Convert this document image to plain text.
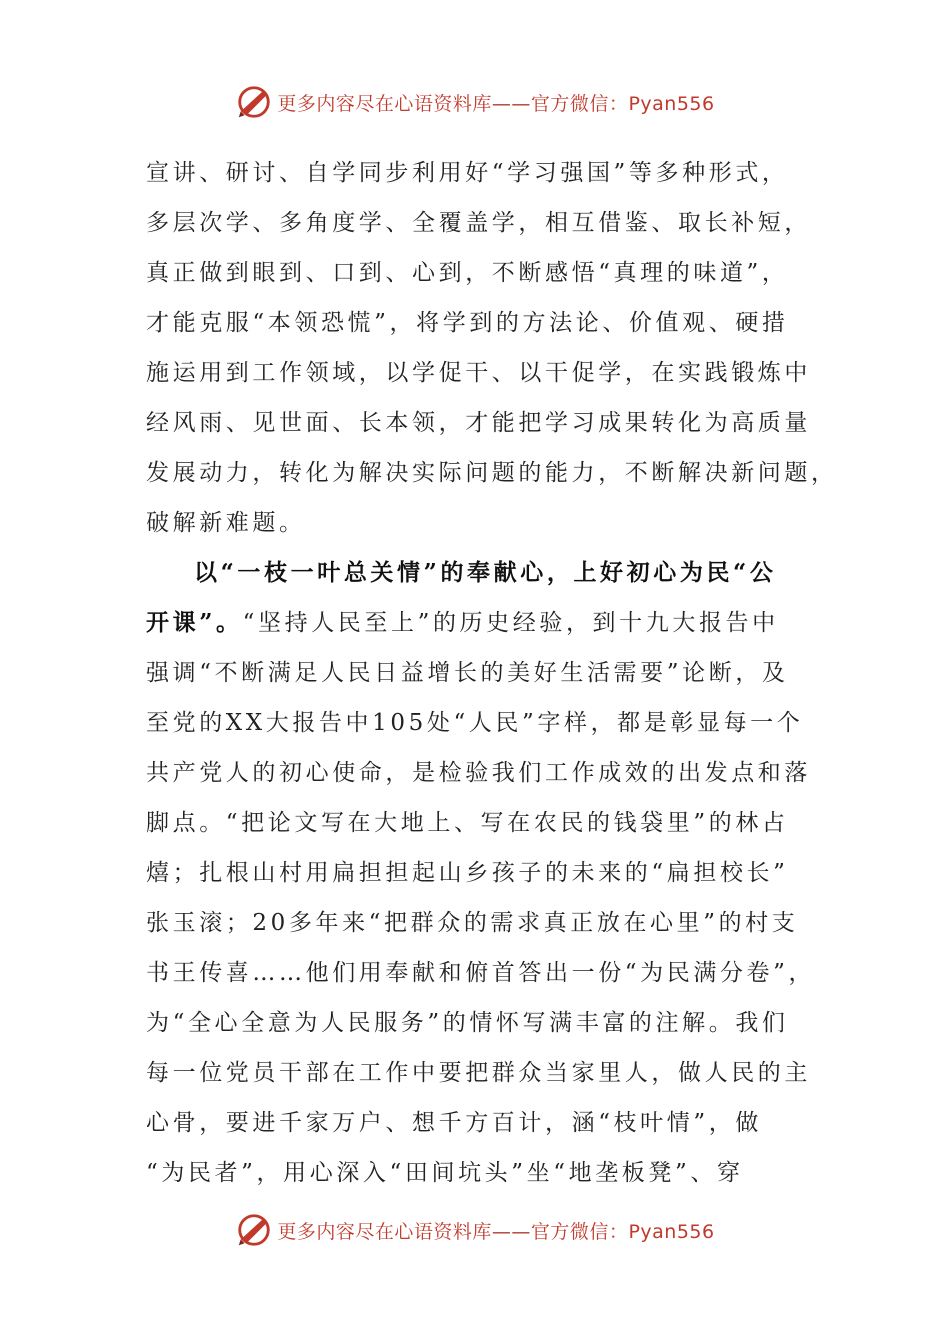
更多内容尽在心语资料库——官方微信：Pyan556
宣讲、研讨、自学同步利用好“学习强国”等多种形式，
多层次学、多角度学、全覆盖学，相互借鉴、取长补短，
真正做到眼到、口到、心到，不断感悟“真理的味道”，
才能克服“本领恐慌”，将学到的方法论、价值观、硬措
施运用到工作领域，以学促干、以干促学，在实践锻炼中
经风雨、见世面、长本领，才能把学习成果转化为高质量
发展动力，转化为解决实际问题的能力，不断解决新问题，
破解新难题。
以“一枝一叶总关情”的奉献心，上好初心为民“公
开课”。“坚持人民至上”的历史经验，到十九大报告中
强调“不断满足人民日益增长的美好生活需要”论断，及
至党的XX大报告中105处“人民”字样，都是彰显每一个
共产党人的初心使命，是检验我们工作成效的出发点和落
脚点。“把论文写在大地上、写在农民的钱袋里”的林占
熺；扎根山村用扁担担起山乡孩子的未来的“扁担校长”
张玉滚；20多年来“把群众的需求真正放在心里”的村支
书王传喜……他们用奉献和俯首答出一份“为民满分卷”，
为“全心全意为人民服务”的情怀写满丰富的注解。我们
每一位党员干部在工作中要把群众当家里人，做人民的主
心骨，要进千家万户、想千方百计，涵“枝叶情”，做
“为民者”，用心深入“田间坑头”坐“地垄板凳”、穿
更多内容尽在心语资料库——官方微信：Pyan556
